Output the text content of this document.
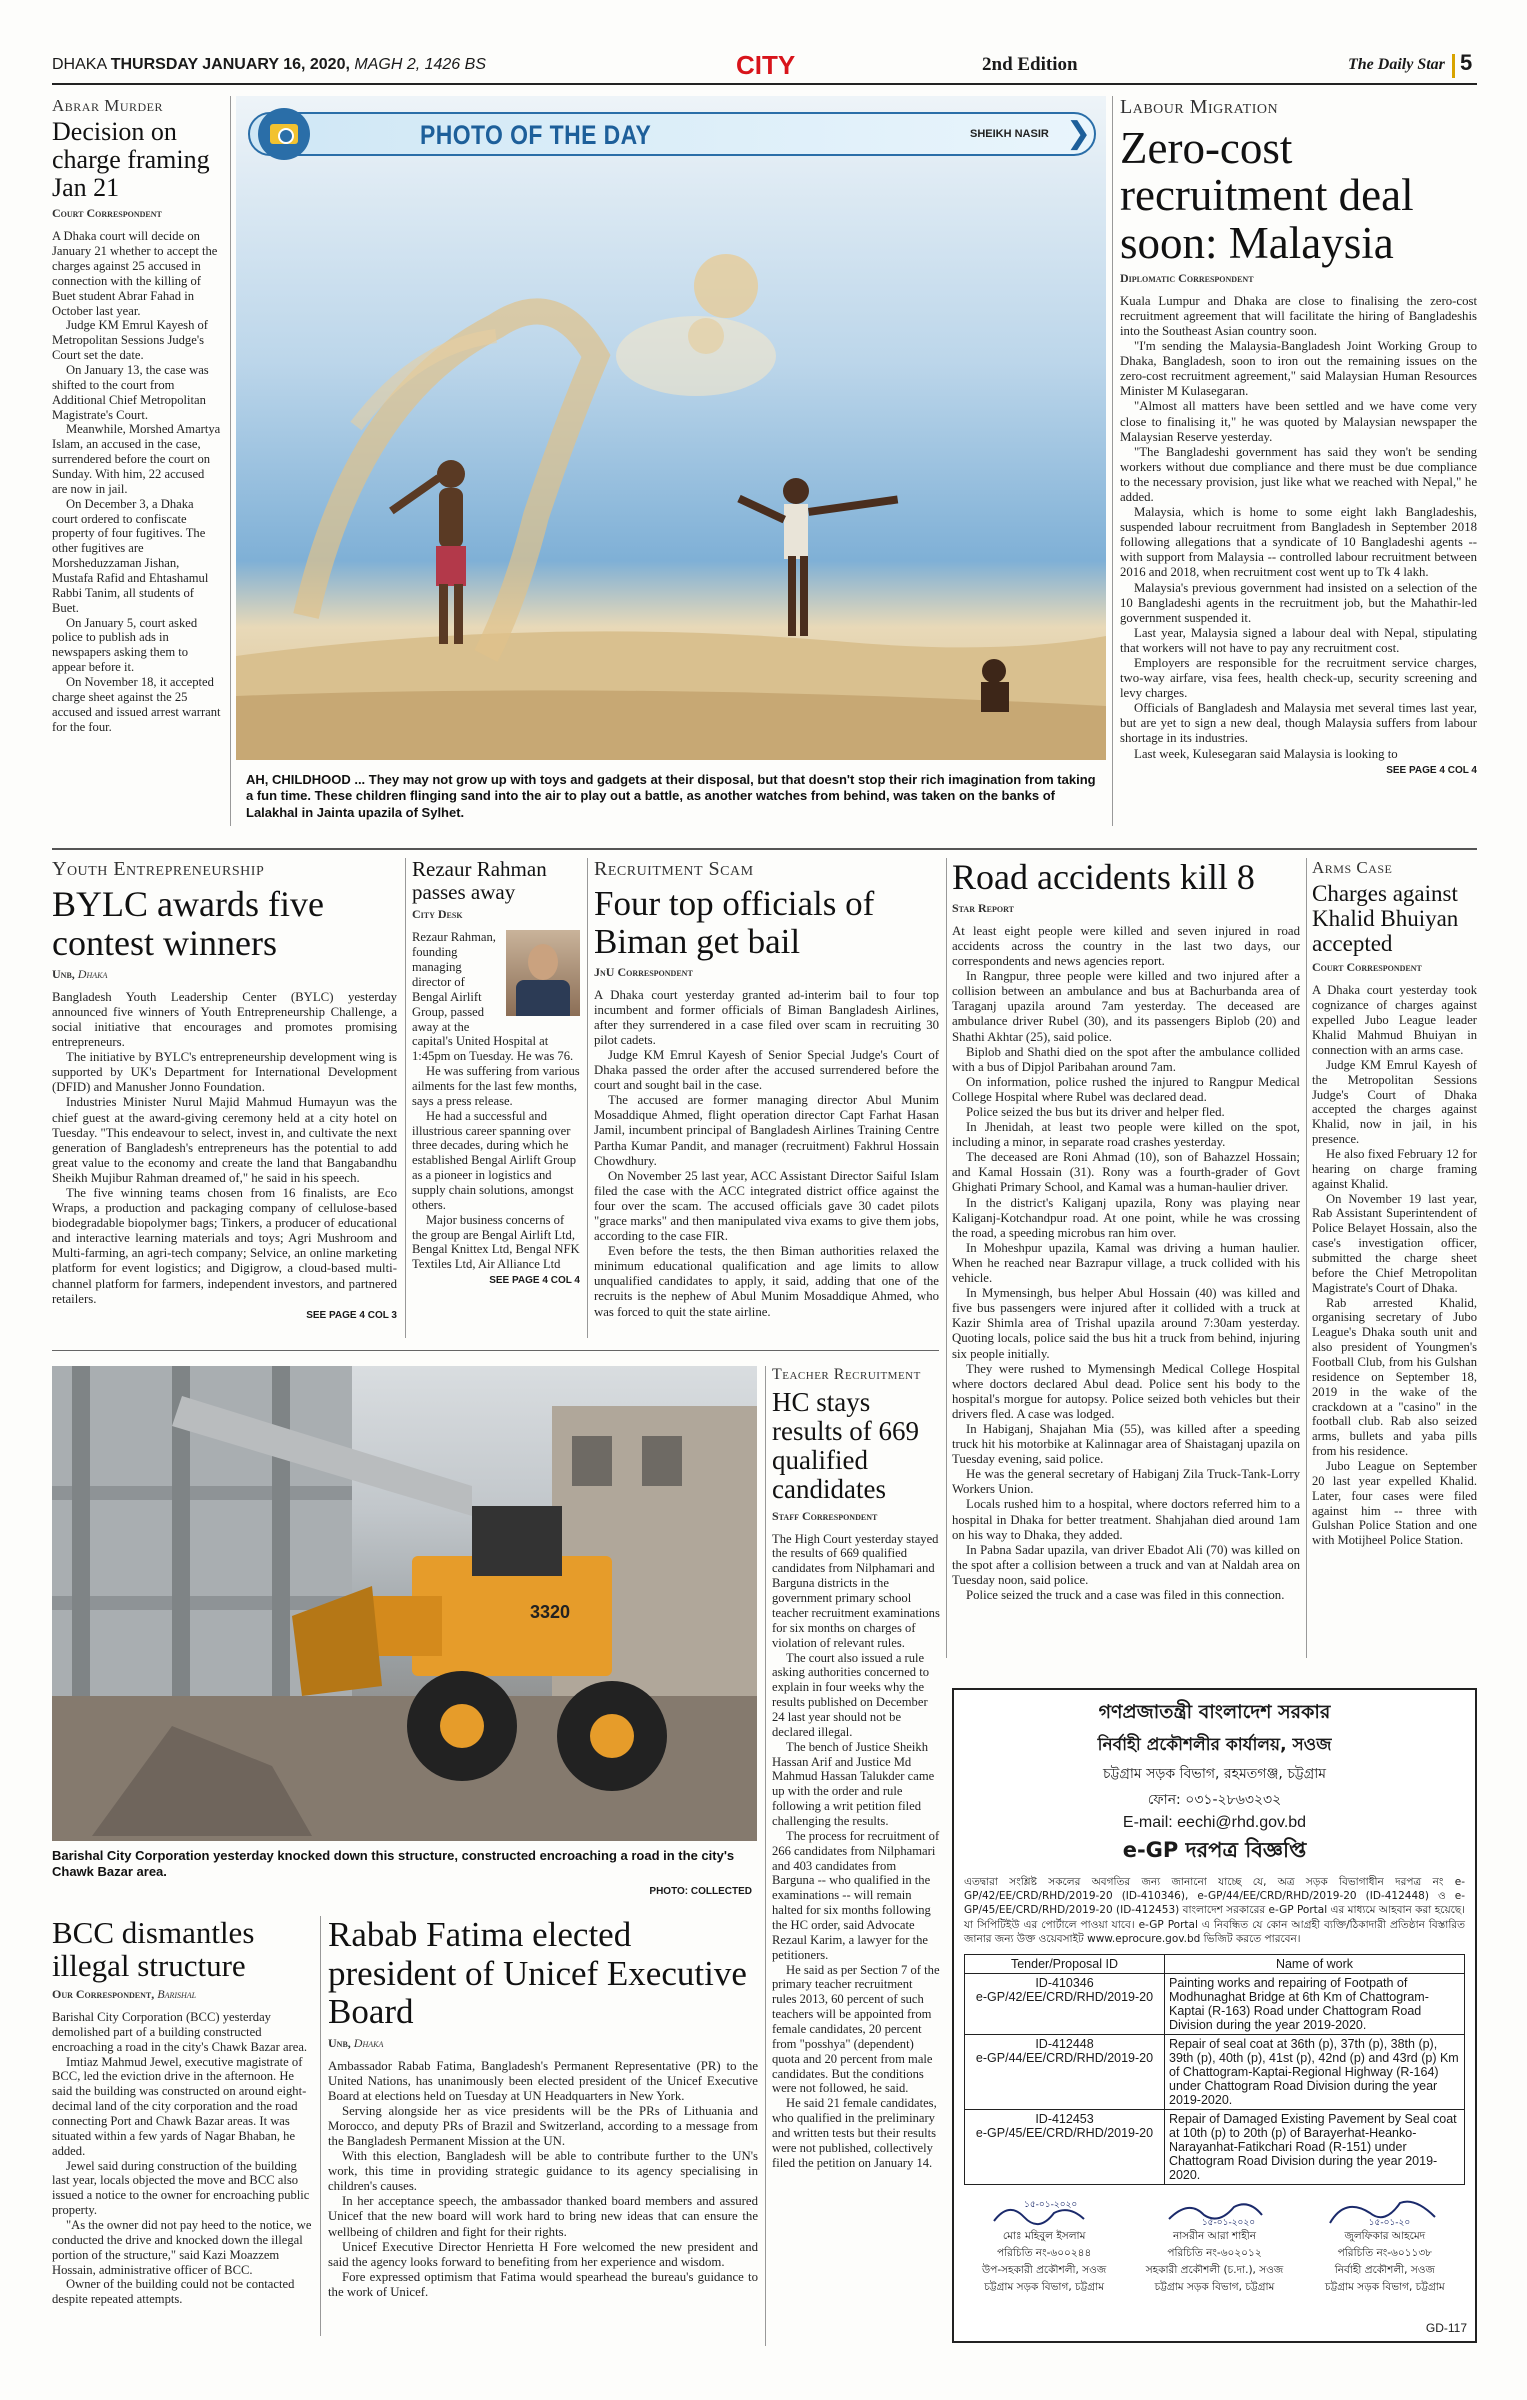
DHAKA THURSDAY JANUARY 16, 2020, MAGH 2, 1426 BS	CITY	2nd Edition	The Daily Star 5
Abrar Murder
Decision on charge framing Jan 21
Court Correspondent

A Dhaka court will decide on January 21 whether to accept the charges against 25 accused in connection with the killing of Buet student Abrar Fahad in October last year.

Judge KM Emrul Kayesh of Metropolitan Sessions Judge's Court set the date.

On January 13, the case was shifted to the court from Additional Chief Metropolitan Magistrate's Court.

Meanwhile, Morshed Amartya Islam, an accused in the case, surrendered before the court on Sunday. With him, 22 accused are now in jail.

On December 3, a Dhaka court ordered to confiscate property of four fugitives. The other fugitives are Morsheduzzaman Jishan, Mustafa Rafid and Ehtashamul Rabbi Tanim, all students of Buet.

On January 5, court asked police to publish ads in newspapers asking them to appear before it.

On November 18, it accepted charge sheet against the 25 accused and issued arrest warrant for the four.

PHOTO OF THE DAY	SHEIKH NASIR ❯
AH, CHILDHOOD ... They may not grow up with toys and gadgets at their disposal, but that doesn't stop their rich imagination from taking a fun time. These children flinging sand into the air to play out a battle, as another watches from behind, was taken on the banks of Lalakhal in Jainta upazila of Sylhet.
Labour Migration
Zero-cost recruitment deal soon: Malaysia
Diplomatic Correspondent

Kuala Lumpur and Dhaka are close to finalising the zero-cost recruitment agreement that will facilitate the hiring of Bangladeshis into the Southeast Asian country soon.

"I'm sending the Malaysia-Bangladesh Joint Working Group to Dhaka, Bangladesh, soon to iron out the remaining issues on the zero-cost recruitment agreement," said Malaysian Human Resources Minister M Kulasegaran.

"Almost all matters have been settled and we have come very close to finalising it," he was quoted by Malaysian newspaper the Malaysian Reserve yesterday.

"The Bangladeshi government has said they won't be sending workers without due compliance and there must be due compliance to the necessary provision, just like what we reached with Nepal," he added.

Malaysia, which is home to some eight lakh Bangladeshis, suspended labour recruitment from Bangladesh in September 2018 following allegations that a syndicate of 10 Bangladeshi agents -- with support from Malaysia -- controlled labour recruitment between 2016 and 2018, when recruitment cost went up to Tk 4 lakh.

Malaysia's previous government had insisted on a selection of the 10 Bangladeshi agents in the recruitment job, but the Mahathir-led government suspended it.

Last year, Malaysia signed a labour deal with Nepal, stipulating that workers will not have to pay any recruitment cost.

Employers are responsible for the recruitment service charges, two-way airfare, visa fees, health check-up, security screening and levy charges.

Officials of Bangladesh and Malaysia met several times last year, but are yet to sign a new deal, though Malaysia suffers from labour shortage in its industries.

Last week, Kulesegaran said Malaysia is looking to

SEE PAGE 4 COL 4
Youth Entrepreneurship
BYLC awards five contest winners
Unb, Dhaka

Bangladesh Youth Leadership Center (BYLC) yesterday announced five winners of Youth Entrepreneurship Challenge, a social initiative that encourages and promotes promising entrepreneurs.

The initiative by BYLC's entrepreneurship development wing is supported by UK's Department for International Development (DFID) and Manusher Jonno Foundation.

Industries Minister Nurul Majid Mahmud Humayun was the chief guest at the award-giving ceremony held at a city hotel on Tuesday. "This endeavour to select, invest in, and cultivate the next generation of Bangladesh's entrepreneurs has the potential to add great value to the economy and create the land that Bangabandhu Sheikh Mujibur Rahman dreamed of," he said in his speech.

The five winning teams chosen from 16 finalists, are Eco Wraps, a production and packaging company of cellulose-based biodegradable biopolymer bags; Tinkers, a producer of educational and interactive learning materials and toys; Agri Mushroom and Multi-farming, an agri-tech company; Selvice, an online marketing platform for event logistics; and Digigrow, a cloud-based multi-channel platform for farmers, independent investors, and partnered retailers.

SEE PAGE 4 COL 3
Rezaur Rahman passes away
City Desk

Rezaur Rahman, founding managing director of Bengal Airlift Group, passed away at the capital's United Hospital at 1:45pm on Tuesday. He was 76.

He was suffering from various ailments for the last few months, says a press release.

He had a successful and illustrious career spanning over three decades, during which he established Bengal Airlift Group as a pioneer in logistics and supply chain solutions, amongst others.

Major business concerns of the group are Bengal Airlift Ltd, Bengal Knittex Ltd, Bengal NFK Textiles Ltd, Air Alliance Ltd

SEE PAGE 4 COL 4
Recruitment Scam
Four top officials of Biman get bail
JnU Correspondent

A Dhaka court yesterday granted ad-interim bail to four top incumbent and former officials of Biman Bangladesh Airlines, after they surrendered in a case filed over scam in recruiting 30 pilot cadets.

Judge KM Emrul Kayesh of Senior Special Judge's Court of Dhaka passed the order after the accused surrendered before the court and sought bail in the case.

The accused are former managing director Abul Munim Mosaddique Ahmed, flight operation director Capt Farhat Hasan Jamil, incumbent principal of Bangladesh Airlines Training Centre Partha Kumar Pandit, and manager (recruitment) Fakhrul Hossain Chowdhury.

On November 25 last year, ACC Assistant Director Saiful Islam filed the case with the ACC integrated district office against the four over the scam. The accused officials gave 30 cadet pilots "grace marks" and then manipulated viva exams to give them jobs, according to the case FIR.

Even before the tests, the then Biman authorities relaxed the minimum educational qualification and age limits to allow unqualified candidates to apply, it said, adding that one of the recruits is the nephew of Abul Munim Mosaddique Ahmed, who was forced to quit the state airline.

Road accidents kill 8
Star Report

At least eight people were killed and seven injured in road accidents across the country in the last two days, our correspondents and news agencies report.

In Rangpur, three people were killed and two injured after a collision between an ambulance and bus at Bachurbanda area of Taraganj upazila around 7am yesterday. The deceased are ambulance driver Rubel (30), and its passengers Biplob (20) and Shathi Akhtar (25), said police.

Biplob and Shathi died on the spot after the ambulance collided with a bus of Dipjol Paribahan around 7am.

On information, police rushed the injured to Rangpur Medical College Hospital where Rubel was declared dead.

Police seized the bus but its driver and helper fled.

In Jhenidah, at least two people were killed on the spot, including a minor, in separate road crashes yesterday.

The deceased are Roni Ahmad (10), son of Bahazzel Hossain; and Kamal Hossain (31). Rony was a fourth-grader of Govt Ghighati Primary School, and Kamal was a human-haulier driver.

In the district's Kaliganj upazila, Rony was playing near Kaliganj-Kotchandpur road. At one point, while he was crossing the road, a speeding microbus ran him over.

In Moheshpur upazila, Kamal was driving a human haulier. When he reached near Bazrapur village, a truck collided with his vehicle.

In Mymensingh, bus helper Abul Hossain (40) was killed and five bus passengers were injured after it collided with a truck at Kazir Shimla area of Trishal upazila around 7:30am yesterday. Quoting locals, police said the bus hit a truck from behind, injuring six people initially.

They were rushed to Mymensingh Medical College Hospital where doctors declared Abul dead. Police sent his body to the hospital's morgue for autopsy. Police seized both vehicles but their drivers fled. A case was lodged.

In Habiganj, Shajahan Mia (55), was killed after a speeding truck hit his motorbike at Kalinnagar area of Shaistaganj upazila on Tuesday evening, said police.

He was the general secretary of Habiganj Zila Truck-Tank-Lorry Workers Union.

Locals rushed him to a hospital, where doctors referred him to a hospital in Dhaka for better treatment. Shahjahan died around 1am on his way to Dhaka, they added.

In Pabna Sadar upazila, van driver Ebadot Ali (70) was killed on the spot after a collision between a truck and van at Naldah area on Tuesday noon, said police.

Police seized the truck and a case was filed in this connection.

Arms Case
Charges against Khalid Bhuiyan accepted
Court Correspondent

A Dhaka court yesterday took cognizance of charges against expelled Jubo League leader Khalid Mahmud Bhuiyan in connection with an arms case.

Judge KM Emrul Kayesh of the Metropolitan Sessions Judge's Court of Dhaka accepted the charges against Khalid, now in jail, in his presence.

He also fixed February 12 for hearing on charge framing against Khalid.

On November 19 last year, Rab Assistant Superintendent of Police Belayet Hossain, also the case's investigation officer, submitted the charge sheet before the Chief Metropolitan Magistrate's Court of Dhaka.

Rab arrested Khalid, organising secretary of Jubo League's Dhaka south unit and also president of Youngmen's Football Club, from his Gulshan residence on September 18, 2019 in the wake of the crackdown at a "casino" in the football club. Rab also seized arms, bullets and yaba pills from his residence.

Jubo League on September 20 last year expelled Khalid. Later, four cases were filed against him -- three with Gulshan Police Station and one with Motijheel Police Station.

3320
Barishal City Corporation yesterday knocked down this structure, constructed encroaching a road in the city's Chawk Bazar area.
PHOTO: COLLECTED
Teacher Recruitment
HC stays results of 669 qualified candidates
Staff Correspondent

The High Court yesterday stayed the results of 669 qualified candidates from Nilphamari and Barguna districts in the government primary school teacher recruitment examinations for six months on charges of violation of relevant rules.

The court also issued a rule asking authorities concerned to explain in four weeks why the results published on December 24 last year should not be declared illegal.

The bench of Justice Sheikh Hassan Arif and Justice Md Mahmud Hassan Talukder came up with the order and rule following a writ petition filed challenging the results.

The process for recruitment of 266 candidates from Nilphamari and 403 candidates from Barguna -- who qualified in the examinations -- will remain halted for six months following the HC order, said Advocate Rezaul Karim, a lawyer for the petitioners.

He said as per Section 7 of the primary teacher recruitment rules 2013, 60 percent of such teachers will be appointed from female candidates, 20 percent from "posshya" (dependent) quota and 20 percent from male candidates. But the conditions were not followed, he said.

He said 21 female candidates, who qualified in the preliminary and written tests but their results were not published, collectively filed the petition on January 14.

BCC dismantles illegal structure
Our Correspondent, Barishal

Barishal City Corporation (BCC) yesterday demolished part of a building constructed encroaching a road in the city's Chawk Bazar area.

Imtiaz Mahmud Jewel, executive magistrate of BCC, led the eviction drive in the afternoon. He said the building was constructed on around eight-decimal land of the city corporation and the road connecting Port and Chawk Bazar areas. It was situated within a few yards of Nagar Bhaban, he added.

Jewel said during construction of the building last year, locals objected the move and BCC also issued a notice to the owner for encroaching public property.

"As the owner did not pay heed to the notice, we conducted the drive and knocked down the illegal portion of the structure," said Kazi Moazzem Hossain, administrative officer of BCC.

Owner of the building could not be contacted despite repeated attempts.

Rabab Fatima elected president of Unicef Executive Board
Unb, Dhaka

Ambassador Rabab Fatima, Bangladesh's Permanent Representative (PR) to the United Nations, has unanimously been elected president of the Unicef Executive Board at elections held on Tuesday at UN Headquarters in New York.

Serving alongside her as vice presidents will be the PRs of Lithuania and Morocco, and deputy PRs of Brazil and Switzerland, according to a message from the Bangladesh Permanent Mission at the UN.

With this election, Bangladesh will be able to contribute further to the UN's work, this time in providing strategic guidance to its agency specialising in children's causes.

In her acceptance speech, the ambassador thanked board members and assured Unicef that the new board will work hard to bring new ideas that can ensure the wellbeing of children and fight for their rights.

Unicef Executive Director Henrietta H Fore welcomed the new president and said the agency looks forward to benefiting from her experience and wisdom.

Fore expressed optimism that Fatima would spearhead the bureau's guidance to the work of Unicef.

গণপ্রজাতন্ত্রী বাংলাদেশ সরকার
নির্বাহী প্রকৌশলীর কার্যালয়, সওজ
চট্টগ্রাম সড়ক বিভাগ, রহমতগঞ্জ, চট্টগ্রাম
ফোন: ০৩১-২৮৬৩২৩২
E-mail: eechi@rhd.gov.bd
e-GP দরপত্র বিজ্ঞপ্তি
এতদ্বারা সংশ্লিষ্ট সকলের অবগতির জন্য জানানো যাচ্ছে যে, অত্র সড়ক বিভাগাধীন দরপত্র নং e-GP/42/EE/CRD/RHD/2019-20 (ID-410346), e-GP/44/EE/CRD/RHD/2019-20 (ID-412448) ও e-GP/45/EE/CRD/RHD/2019-20 (ID-412453) বাংলাদেশ সরকারের e-GP Portal এর মাধ্যমে আহবান করা হয়েছে। যা সিপিটিইউ এর পোর্টালে পাওয়া যাবে। e-GP Portal এ নিবন্ধিত যে কোন আগ্রহী ব্যক্তি/ঠিকাদারী প্রতিষ্ঠান বিস্তারিত জানার জন্য উক্ত ওয়েবসাইট www.eprocure.gov.bd ভিজিট করতে পারবেন।
Tender/Proposal ID	Name of work

ID-410346
e-GP/42/EE/CRD/RHD/2019-20	Painting works and repairing of Footpath of Modhunaghat Bridge at 6th Km of Chattogram-Kaptai (R-163) Road under Chattogram Road Division during the year 2019-2020.

ID-412448
e-GP/44/EE/CRD/RHD/2019-20	Repair of seal coat at 36th (p), 37th (p), 38th (p), 39th (p), 40th (p), 41st (p), 42nd (p) and 43rd (p) Km of Chattogram-Kaptai-Regional Highway (R-164) under Chattogram Road Division during the year 2019-2020.

ID-412453
e-GP/45/EE/CRD/RHD/2019-20	Repair of Damaged Existing Pavement by Seal coat at 10th (p) to 20th (p) of Barayerhat-Heanko-Narayanhat-Fatikchari Road (R-151) under Chattogram Road Division during the year 2019-2020.
১৫-০১-২০২০
মোঃ মহিবুল ইসলাম
পরিচিতি নং-৬০০২৪৪
উপ-সহকারী প্রকৌশলী, সওজ
চট্টগ্রাম সড়ক বিভাগ, চট্টগ্রাম
১৫-০১-২০২০
নাসরীন আরা শাহীন
পরিচিতি নং-৬০২০১২
সহকারী প্রকৌশলী (চ.দা.), সওজ
চট্টগ্রাম সড়ক বিভাগ, চট্টগ্রাম
১৫-০১-২০
জুলফিকার আহমেদ
পরিচিতি নং-৬০১১৩৮
নির্বাহী প্রকৌশলী, সওজ
চট্টগ্রাম সড়ক বিভাগ, চট্টগ্রাম
GD-117
